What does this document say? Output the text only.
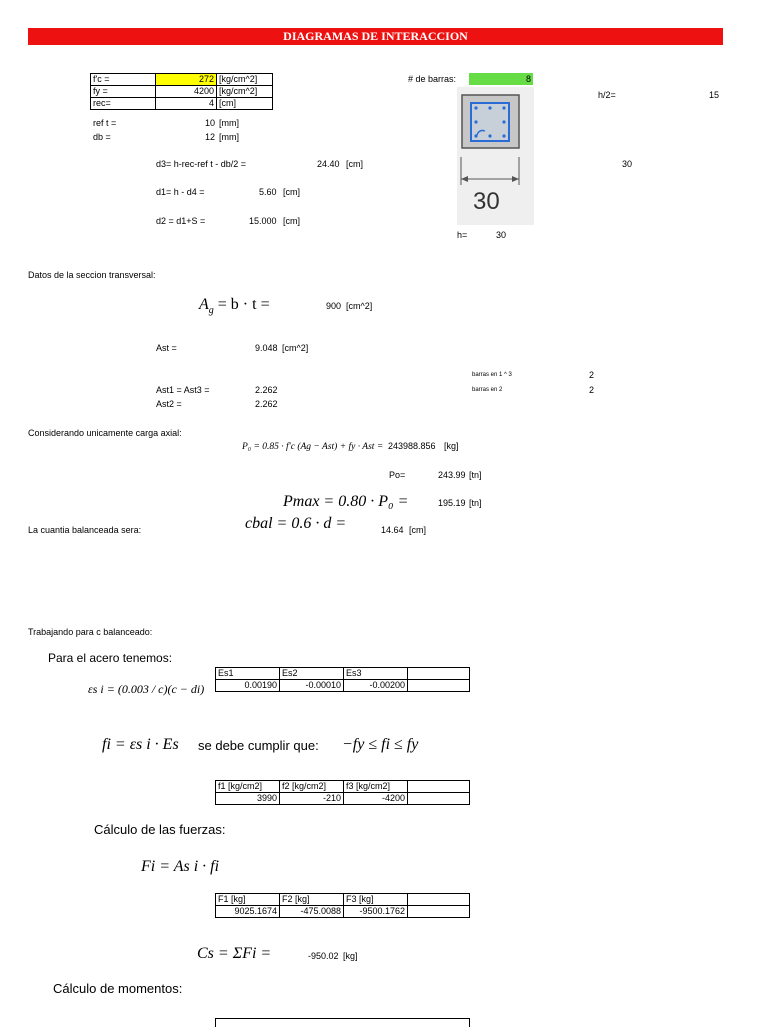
DIAGRAMAS DE INTERACCION
f'c =	272	[kg/cm^2]
fy =	4200	[kg/cm^2]
rec=	4	[cm]
ref t =	10 [mm]
db =	12 [mm]
# de barras:	8
h/2=	15
30
30
h=	30
d3= h-rec-ref t - db/2 =	24.40 [cm]
d1= h - d4 =	5.60 [cm]
d2 = d1+S =	15.000 [cm]
Datos de la seccion transversal:
$A_g = b \cdot t$ =	900 [cm^2]
Ast =	9.048 [cm^2]
barras en 1 ^ 3	2
barras en 2	2
Ast1 = Ast3 =	2.262
Ast2 =	2.262
Considerando unicamente carga axial:
P₀ = 0.85 · f′c (Ag − Ast) + fy · Ast = 243988.856 [kg]
Po=	243.99 [tn]
Pmax = 0.80 · P₀ =	195.19 [tn]
La cuantia balanceada sera:	cbal = 0.6 · d =	14.64 [cm]
Trabajando para c balanceado:
Para el acero tenemos:
εs i = (0.003 / c)(c − di)
Es1	Es2	Es3	
0.00190	-0.00010	-0.00200	
fi = εs i · Es se debe cumplir que: −fy ≤ fi ≤ fy
f1 [kg/cm2]	f2 [kg/cm2]	f3 [kg/cm2]	
3990	-210	-4200	
Cálculo de las fuerzas:
Fi = As i · fi
F1 [kg]	F2 [kg]	F3 [kg]	
9025.1674	-475.0088	-9500.1762	
Cs = ΣFi =	-950.02 [kg]
Cálculo de momentos:
